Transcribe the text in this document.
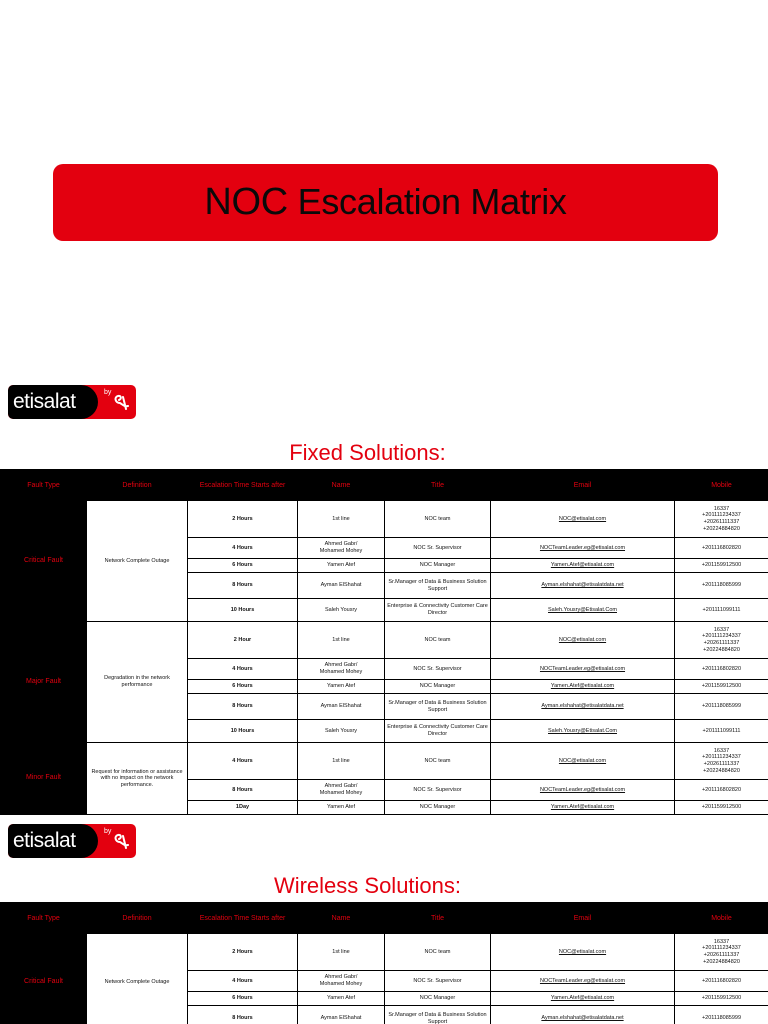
NOC Escalation Matrix
etisalat	by
Fixed Solutions:
Fault Type	Definition	Escalation Time Starts after	Name	Title	Email	Mobile
Critical Fault	Network Complete Outage	2 Hours	1st line	NOC team	NOC@etisalat.com	16337
+201111234337
+20261111337
+20224884820
		4 Hours	Ahmed Gabr/
Mohamed Mohey	NOC Sr. Supervisor	NOCTeamLeader.eg@etisalat.com	+201116802820
		6 Hours	Yamen Atef	NOC Manager	Yamen.Atef@etisalat.com	+201159912500
		8 Hours	Ayman ElShahat	Sr.Manager of Data & Business Solution Support	Ayman.elshahat@etisalatdata.net	+201118085999
		10 Hours	Saleh Yousry	Enterprise & Connectivity Customer Care Director	Saleh.Yousry@Etisalat.Com	+201111099111
Major Fault	Degradation in the network performance	2 Hour	1st line	NOC team	NOC@etisalat.com	16337
+201111234337
+20261111337
+20224884820
		4 Hours	Ahmed Gabr/
Mohamed Mohey	NOC Sr. Supervisor	NOCTeamLeader.eg@etisalat.com	+201116802820
		6 Hours	Yamen Atef	NOC Manager	Yamen.Atef@etisalat.com	+201159912500
		8 Hours	Ayman ElShahat	Sr.Manager of Data & Business Solution Support	Ayman.elshahat@etisalatdata.net	+201118085999
		10 Hours	Saleh Yousry	Enterprise & Connectivity Customer Care Director	Saleh.Yousry@Etisalat.Com	+201111099111
Minor Fault	Request for information or assistance with no impact on the network performance.	4 Hours	1st line	NOC team	NOC@etisalat.com	16337
+201111234337
+20261111337
+20224884820
		8 Hours	Ahmed Gabr/
Mohamed Mohey	NOC Sr. Supervisor	NOCTeamLeader.eg@etisalat.com	+201116802820
		1Day	Yamen Atef	NOC Manager	Yamen.Atef@etisalat.com	+201159912500
etisalat	by
Wireless Solutions:
Fault Type	Definition	Escalation Time Starts after	Name	Title	Email	Mobile
Critical Fault	Network Complete Outage	2 Hours	1st line	NOC team	NOC@etisalat.com	16337
+201111234337
+20261111337
+20224884820
		4 Hours	Ahmed Gabr/
Mohamed Mohey	NOC Sr. Supervisor	NOCTeamLeader.eg@etisalat.com	+201116802820
		6 Hours	Yamen Atef	NOC Manager	Yamen.Atef@etisalat.com	+201159912500
		8 Hours	Ayman ElShahat	Sr.Manager of Data & Business Solution Support	Ayman.elshahat@etisalatdata.net	+201118085999
